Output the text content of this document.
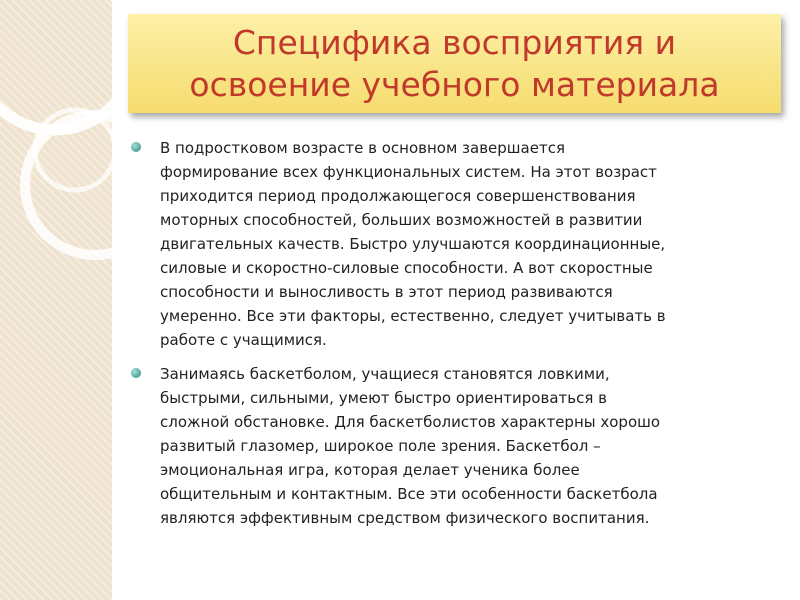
Специфика восприятия и
освоение учебного материала
В подростковом возрасте в основном завершается
формирование всех функциональных систем. На этот возраст
приходится период продолжающегося совершенствования
моторных способностей, больших возможностей в развитии
двигательных качеств. Быстро улучшаются координационные,
силовые и скоростно-силовые способности. А вот скоростные
способности и выносливость в этот период развиваются
умеренно. Все эти факторы, естественно, следует учитывать в
работе с учащимися.
Занимаясь баскетболом, учащиеся становятся ловкими,
быстрыми, сильными, умеют быстро ориентироваться в
сложной обстановке. Для баскетболистов характерны хорошо
развитый глазомер, широкое поле зрения. Баскетбол –
эмоциональная игра, которая делает ученика более
общительным и контактным. Все эти особенности баскетбола
являются эффективным средством физического воспитания.
